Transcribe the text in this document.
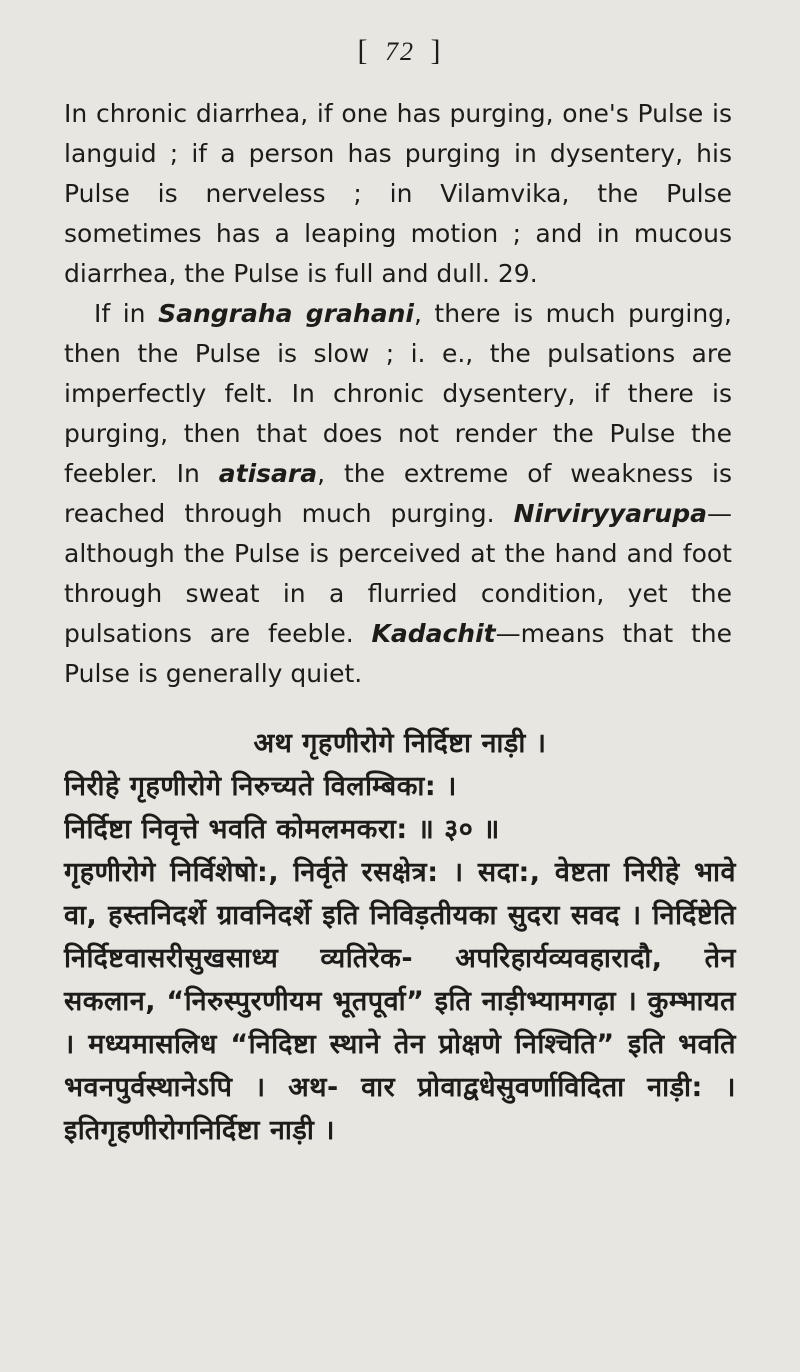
[ 72 ]

In chronic diarrhea, if one has purging, one's Pulse is languid ; if a person has purging in dysentery, his Pulse is nerveless ; in Vilamvika, the Pulse sometimes has a leaping motion ; and in mucous diarrhea, the Pulse is full and dull. 29.

If in Sangraha grahani, there is much purging, then the Pulse is slow ; i. e., the pulsations are imperfectly felt. In chronic dysentery, if there is purging, then that does not render the Pulse the feebler. In atisara, the extreme of weakness is reached through much purging. Nirviryyarupa— although the Pulse is perceived at the hand and foot through sweat in a flurried condition, yet the pulsations are feeble. Kadachit—means that the Pulse is generally quiet.

अथ गृहणीरोगे निर्दिष्टा नाड़ी ।
निरीहे गृहणीरोगे निरुच्यते विलम्बिका: ।
निर्दिष्टा निवृत्ते भवति कोमलमकरा: ॥ ३० ॥

गृहणीरोगे निर्विशेषो:, निर्वृते रसक्षेत्र: । सदा:, वेष्टता निरीहे भावे वा, हस्तनिदर्शे ग्रावनिदर्शे इति निविड़तीयका सुदरा सवद । निर्दिष्टेति निर्दिष्टवासरीसुखसाध्य व्यतिरेक- अपरिहार्यव्यवहारादौ, तेन सकलान, “निरुस्पुरणीयम भूतपूर्वा” इति नाड़ीभ्यामगढ़ा । कुम्भायत । मध्यमासलिध “निदिष्टा स्थाने तेन प्रोक्षणे निश्चिति” इति भवति भवनपुर्वस्थानेऽपि । अथ- वार प्रोवाद्वधेसुवर्णाविदिता नाड़ी: । इतिगृहणीरोगनिर्दिष्टा नाड़ी ।
